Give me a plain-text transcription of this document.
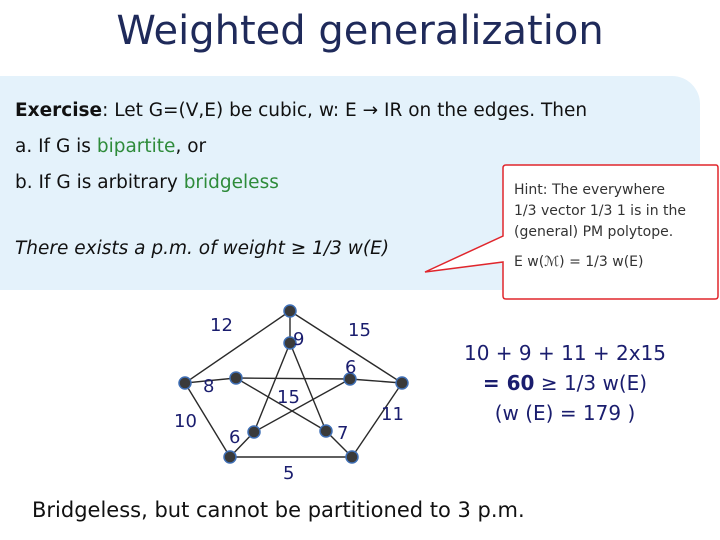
Weighted generalization
Exercise: Let G=(V,E) be cubic, w: E → IR on the edges. Then
a. If G is bipartite, or
b. If G is arbitrary bridgeless
There exists a p.m. of weight ≥ 1/3 w(E)
Hint: The everywhere
1/3 vector 1/3 1 is in the
(general) PM polytope.
E w(ℳ) = 1/3 w(E)
12	15
8
10
9
6
15
11
6	7
5
10 + 9 + 11 + 2x15
= 60 ≥ 1/3 w(E)
(w (E) = 179 )
Bridgeless, but cannot be partitioned to 3 p.m.
